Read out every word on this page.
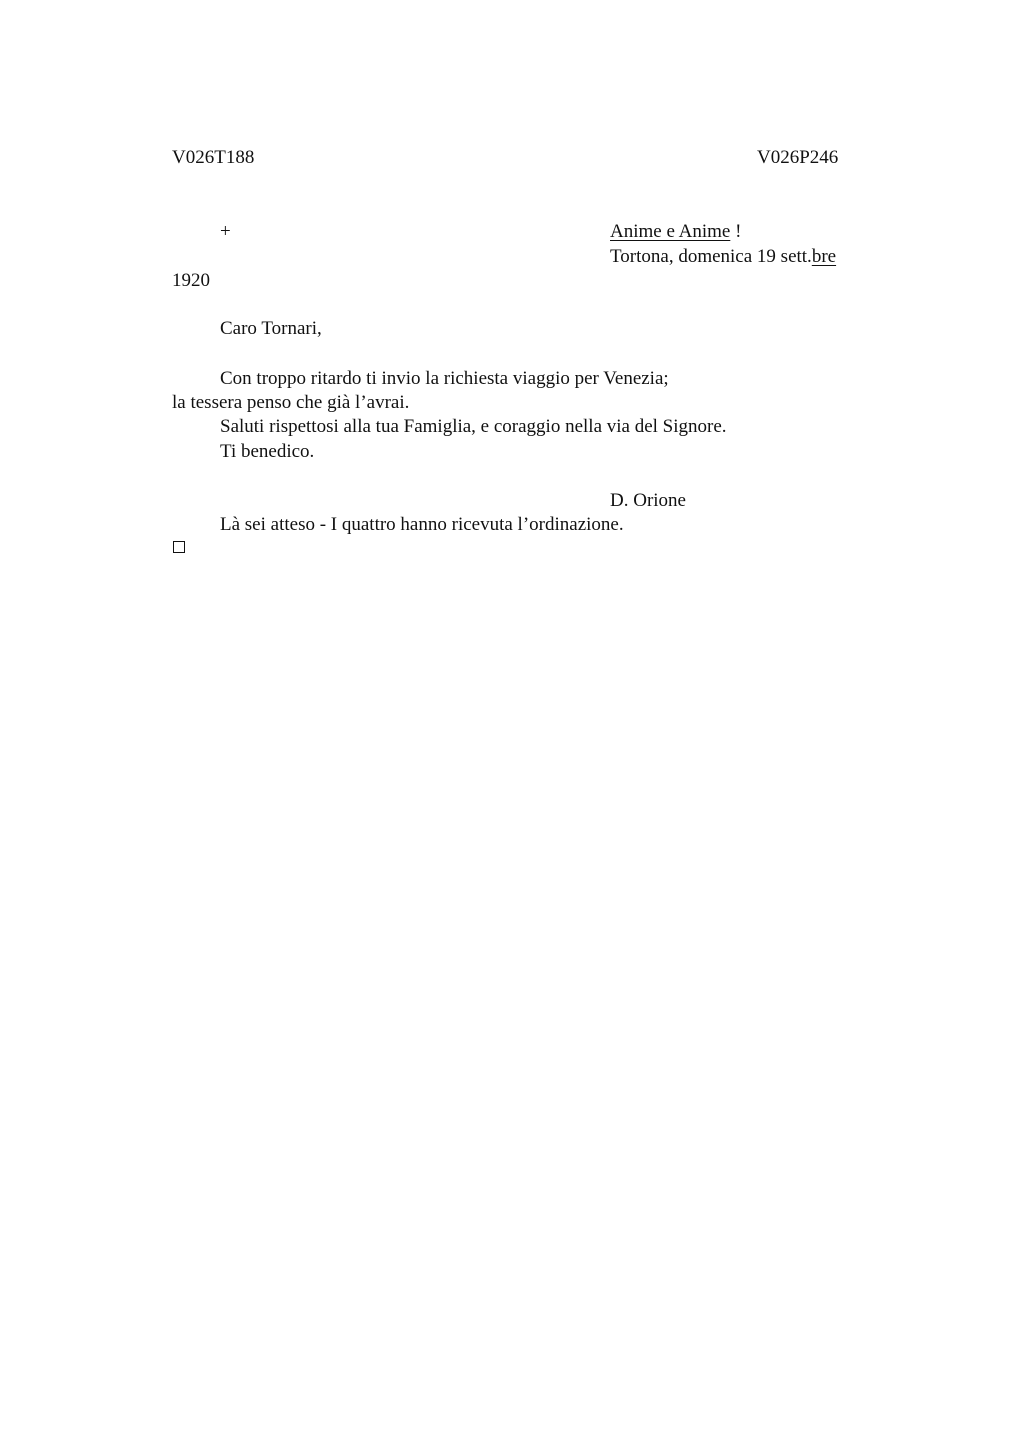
V026T188	V026P246
+	Anime e Anime !
Tortona, domenica 19 sett.bre
1920
Caro Tornari,
Con troppo ritardo ti invio la richiesta viaggio per Venezia;
la tessera penso che già l’avrai.
Saluti rispettosi alla tua Famiglia, e coraggio nella via del Signore.
Ti benedico.
D. Orione
Là sei atteso - I quattro hanno ricevuta l’ordinazione.
